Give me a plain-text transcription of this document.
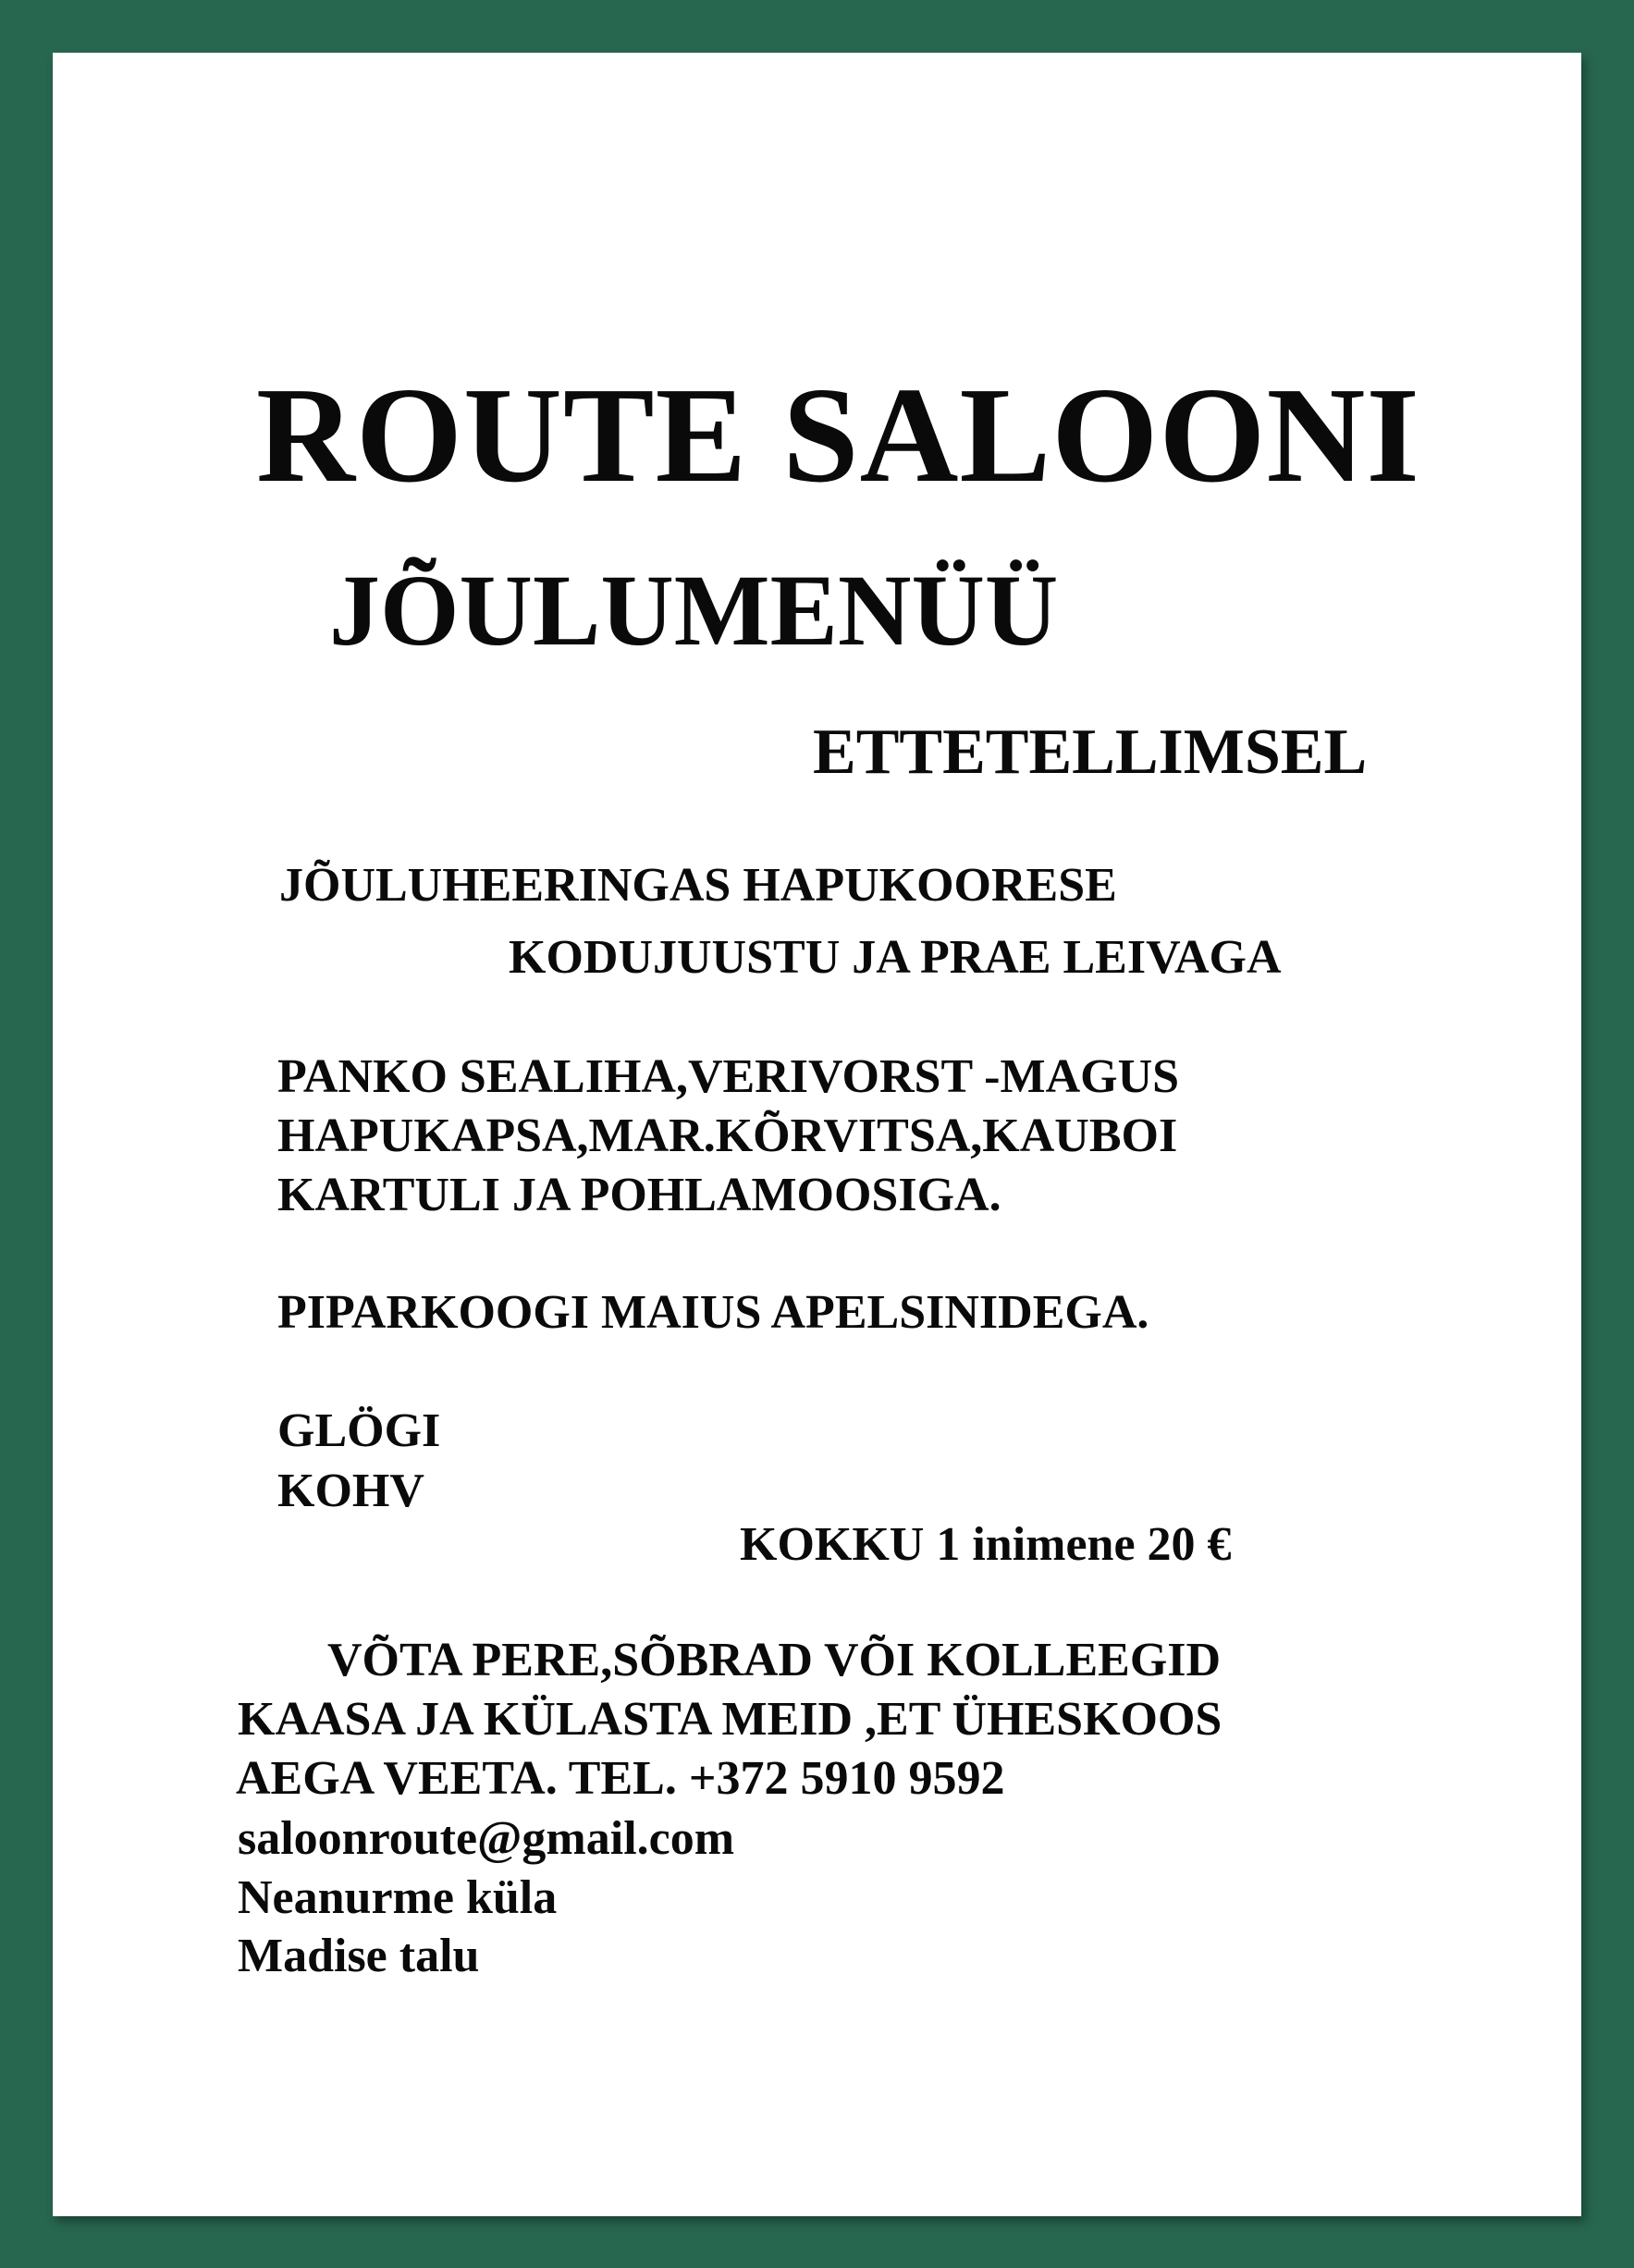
ROUTE SALOONI
JÕULUMENÜÜ

ETTETELLIMSEL

JÕULUHEERINGAS HAPUKOORESE

KODUJUUSTU JA PRAE LEIVAGA

PANKO SEALIHA,VERIVORST -MAGUS

HAPUKAPSA,MAR.KÕRVITSA,KAUBOI

KARTULI JA POHLAMOOSIGA.

PIPARKOOGI MAIUS APELSINIDEGA.

GLÖGI

KOHV

KOKKU 1 inimene 20 €

VÕTA PERE,SÕBRAD VÕI KOLLEEGID

KAASA JA KÜLASTA MEID ,ET ÜHESKOOS

AEGA VEETA. TEL. +372 5910 9592

saloonroute@gmail.com

Neanurme küla

Madise talu
